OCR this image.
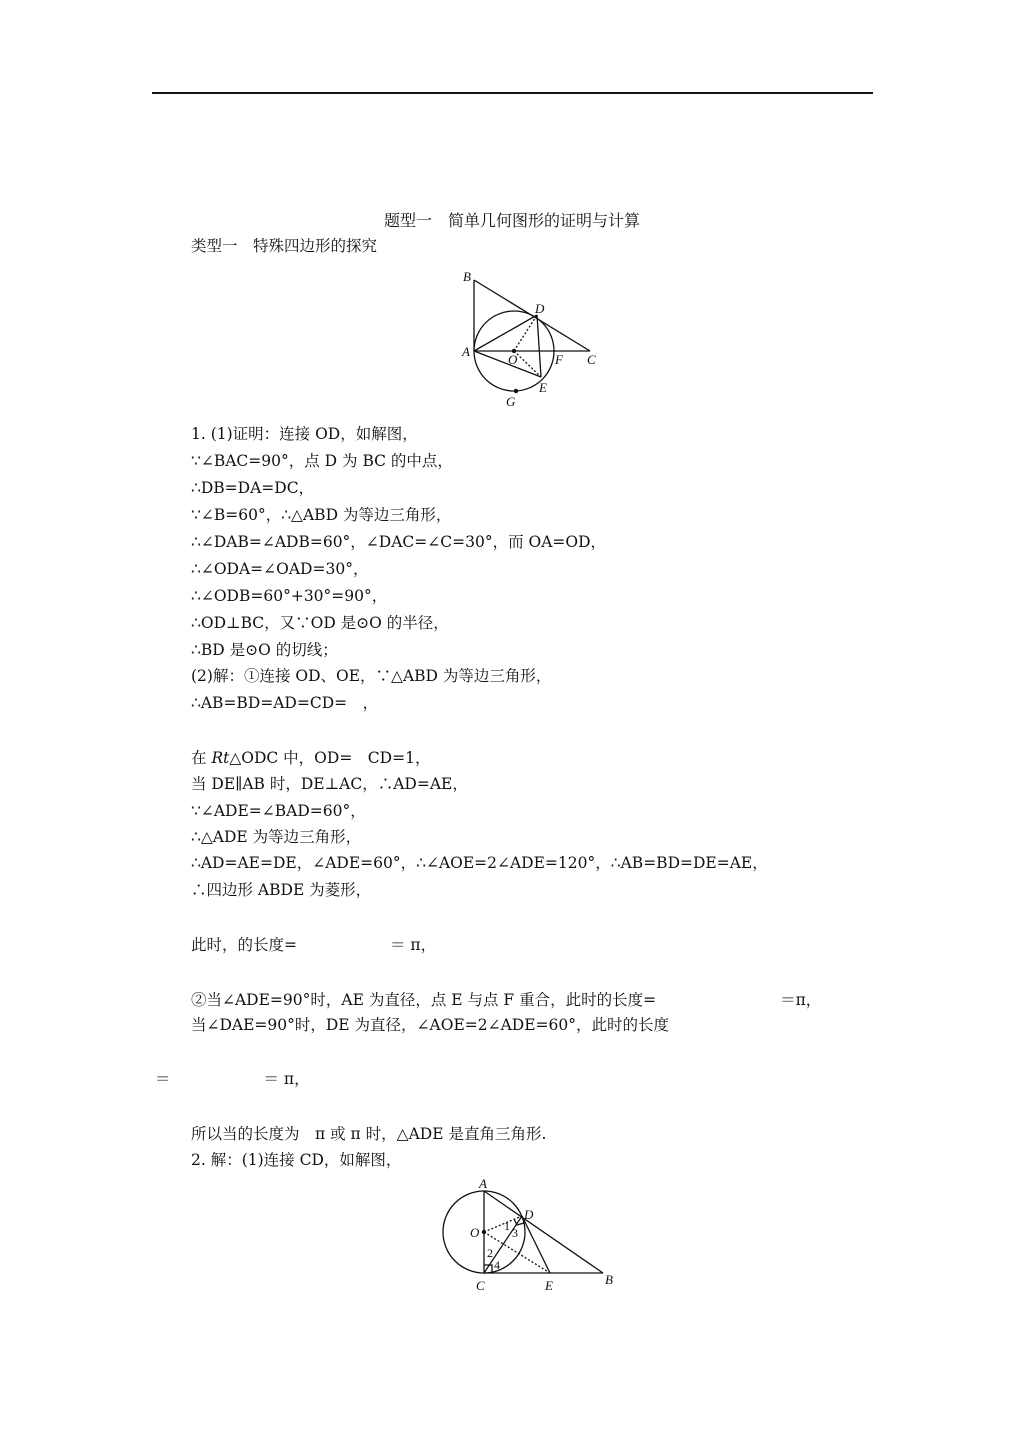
题型一　简单几何图形的证明与计算
类型一　特殊四边形的探究
B
D
A
O	F C
E
G
1. (1)证明：连接 OD，如解图，
∵∠BAC=90°，点 D 为 BC 的中点，
∴DB=DA=DC，
∵∠B=60°，∴△ABD 为等边三角形，
∴∠DAB=∠ADB=60°，∠DAC=∠C=30°，而 OA=OD，
∴∠ODA=∠OAD=30°，
∴∠ODB=60°+30°=90°，
∴OD⊥BC，又∵OD 是⊙O 的半径，
∴BD 是⊙O 的切线；
(2)解：①连接 OD、OE，∵△ABD 为等边三角形，
∴AB=BD=AD=CD=　，
在 Rt△ODC 中，OD=　CD=1，
当 DE∥AB 时，DE⊥AC，∴AD=AE，
∵∠ADE=∠BAD=60°，
∴△ADE 为等边三角形，
∴AD=AE=DE，∠ADE=60°，∴∠AOE=2∠ADE=120°，∴AB=BD=DE=AE，
∴四边形 ABDE 为菱形，
此时，的长度=　　　　　　＝ π，
②当∠ADE=90°时，AE 为直径，点 E 与点 F 重合，此时的长度=　　　　　　　　＝π，
当∠DAE=90°时，DE 为直径，∠AOE=2∠ADE=60°，此时的长度
＝　　　　　　＝ π，
所以当的长度为　π 或 π 时，△ADE 是直角三角形.
2. 解：(1)连接 CD，如解图，
A
D
O 1 3
2
4
C	E	B
